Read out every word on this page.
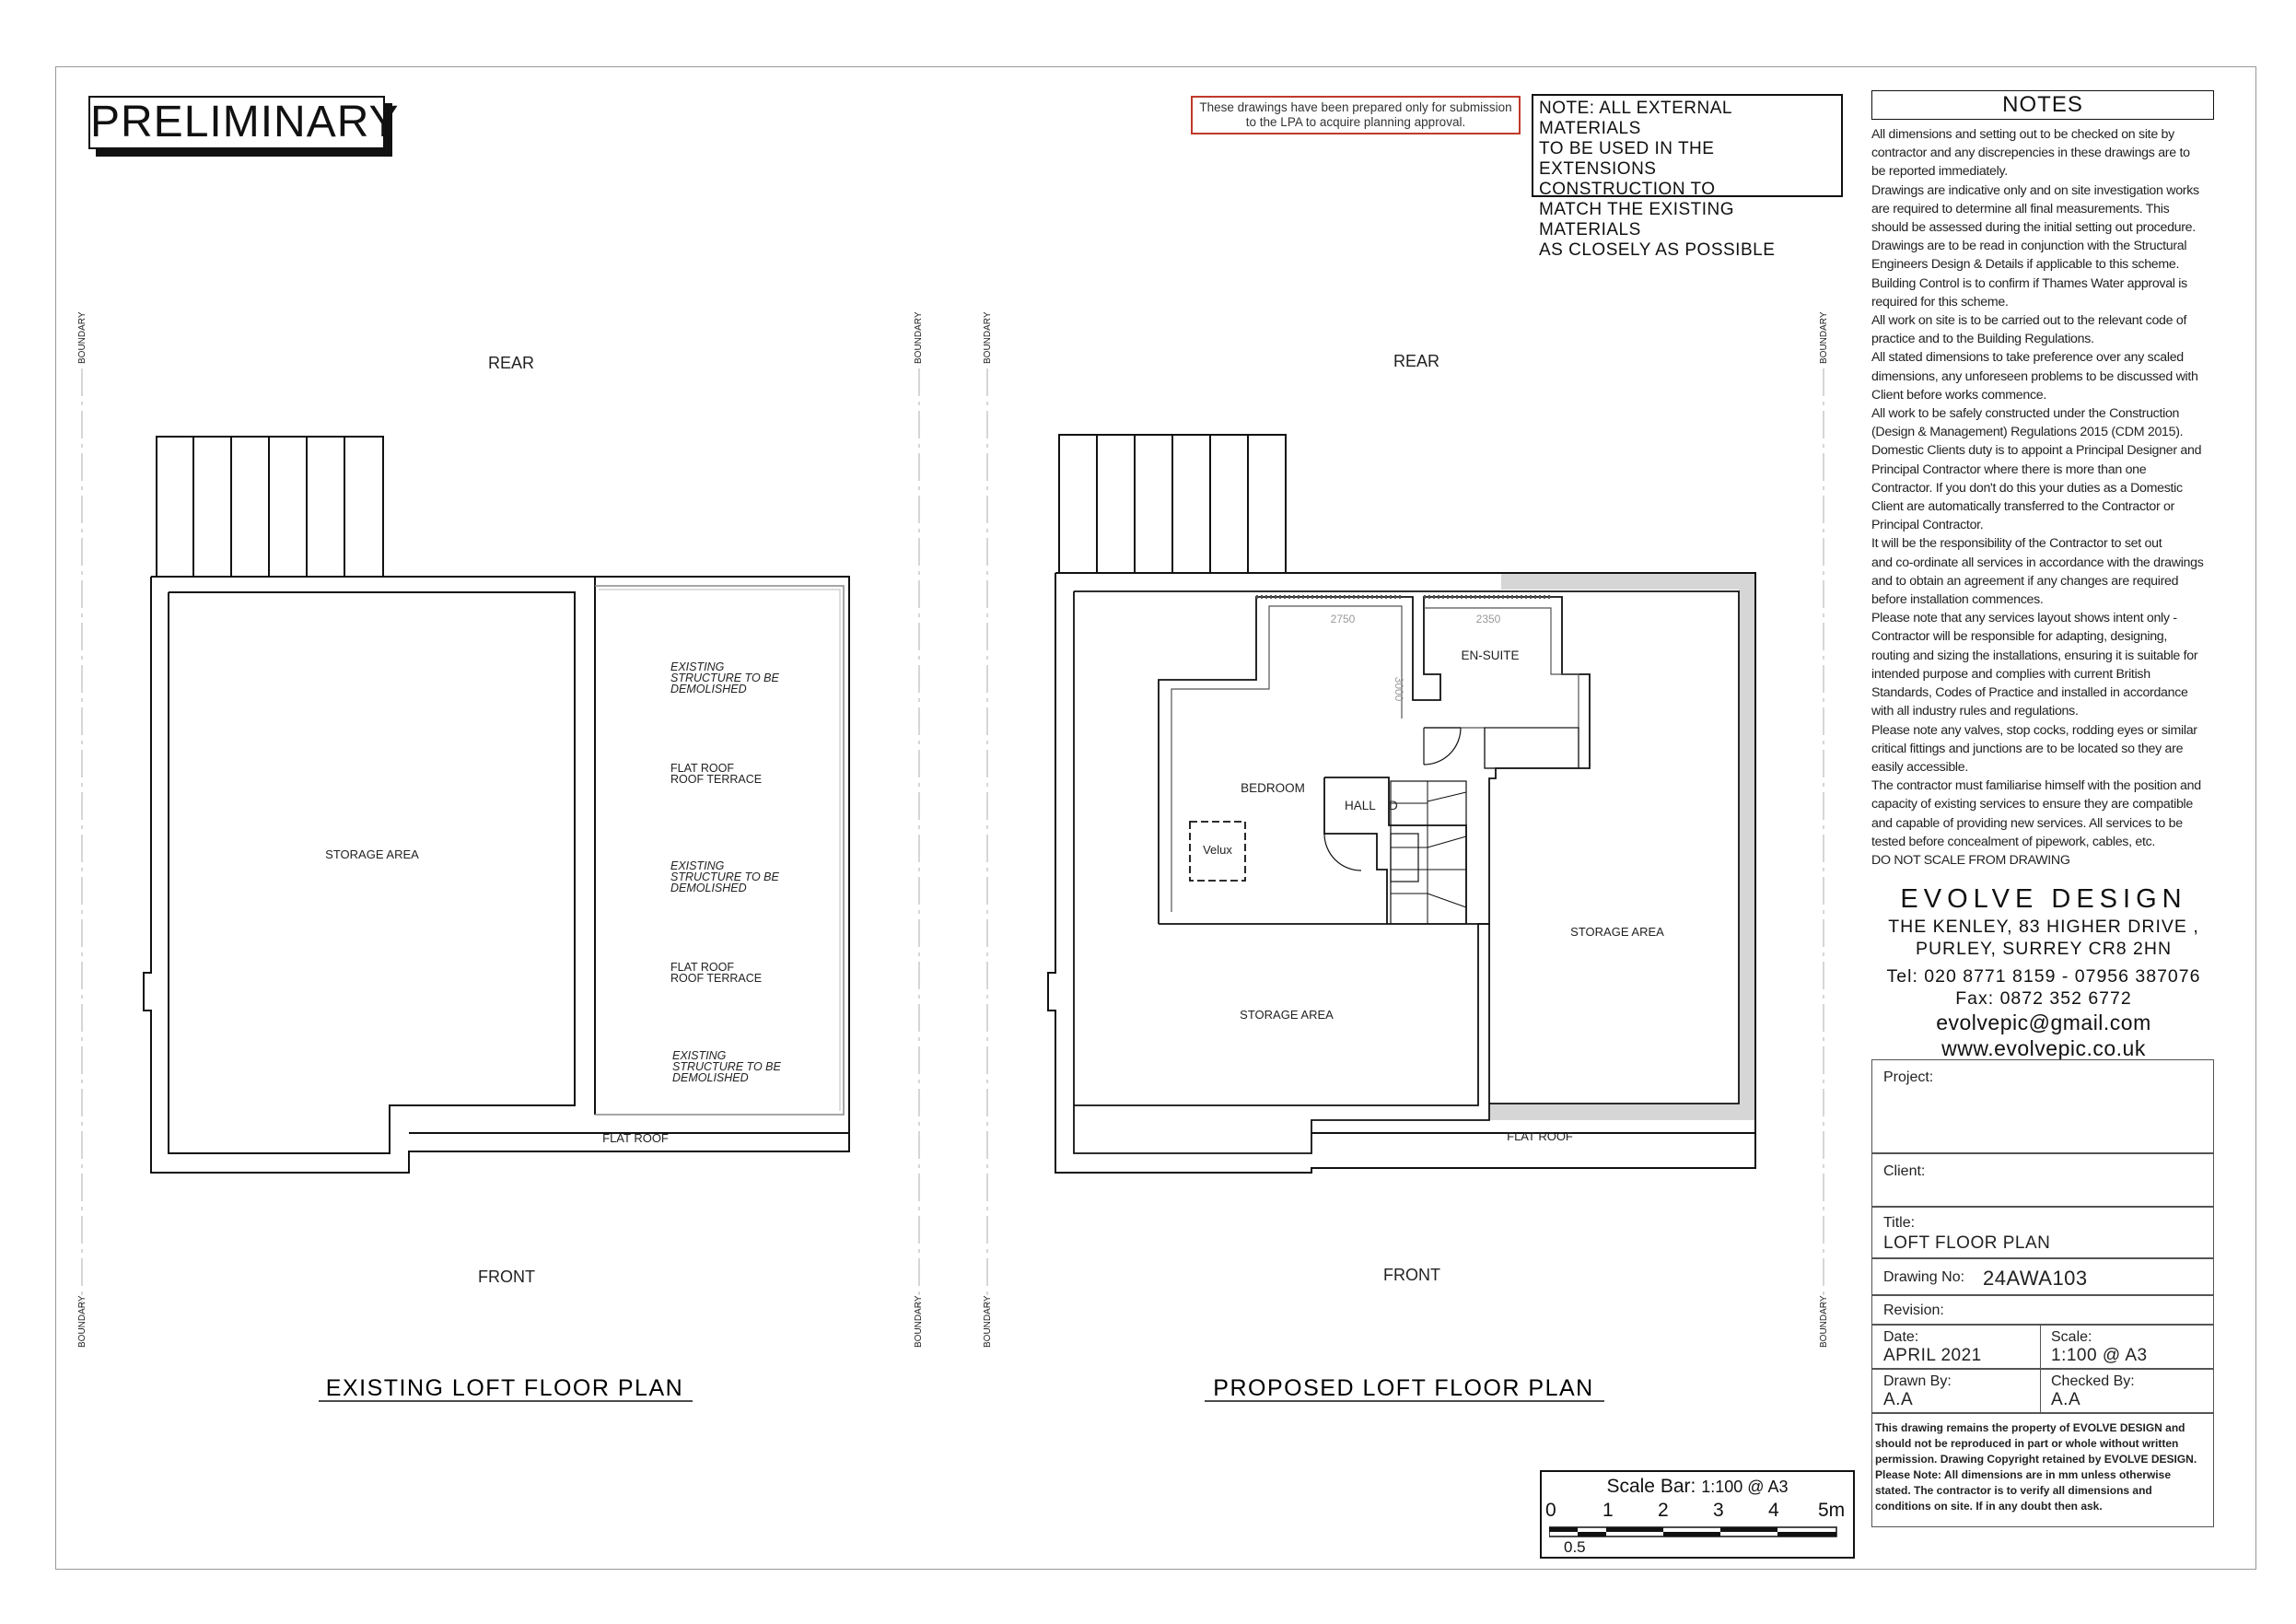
PRELIMINARY	These drawings have been prepared only for submission to the LPA to acquire planning approval.
NOTE: ALL EXTERNAL MATERIALS
TO BE USED IN THE EXTENSIONS
CONSTRUCTION TO
MATCH THE EXISTING MATERIALS
AS CLOSELY AS POSSIBLE
BOUNDARY
BOUNDARY
BOUNDARY
BOUNDARY
BOUNDARY
BOUNDARY
BOUNDARY
BOUNDARY
REAR
FRONT
STORAGE AREA
FLAT ROOF
EXISTING
STRUCTURE TO BE
DEMOLISHED
EXISTING
STRUCTURE TO BE
DEMOLISHED
EXISTING
STRUCTURE TO BE
DEMOLISHED
FLAT ROOF
ROOF TERRACE
FLAT ROOF
ROOF TERRACE
REAR
FRONT
BEDROOM
EN-SUITE
HALL D
Velux
STORAGE AREA
STORAGE AREA
FLAT ROOF
2750	2350
3000
EXISTING LOFT FLOOR PLAN	PROPOSED LOFT FLOOR PLAN
NOTES
All dimensions and setting out to be checked on site by
contractor and any discrepencies in these drawings are to
be reported immediately.
Drawings are indicative only and on site investigation works
are required to determine all final measurements. This
should be assessed during the initial setting out procedure.
Drawings are to be read in conjunction with the Structural
Engineers Design & Details if applicable to this scheme.
Building Control is to confirm if Thames Water approval is
required for this scheme.
All work on site is to be carried out to the relevant code of
practice and to the Building Regulations.
All stated dimensions to take preference over any scaled
dimensions, any unforeseen problems to be discussed with
Client before works commence.
All work to be safely constructed under the Construction
(Design & Management) Regulations 2015 (CDM 2015).
Domestic Clients duty is to appoint a Principal Designer and
Principal Contractor where there is more than one
Contractor. If you don't do this your duties as a Domestic
Client are automatically transferred to the Contractor or
Principal Contractor.
It will be the responsibility of the Contractor to set out
and co-ordinate all services in accordance with the drawings
and to obtain an agreement if any changes are required
before installation commences.
Please note that any services layout shows intent only -
Contractor will be responsible for adapting, designing,
routing and sizing the installations, ensuring it is suitable for
intended purpose and complies with current British
Standards, Codes of Practice and installed in accordance
with all industry rules and regulations.
Please note any valves, stop cocks, rodding eyes or similar
critical fittings and junctions are to be located so they are
easily accessible.
The contractor must familiarise himself with the position and
capacity of existing services to ensure they are compatible
and capable of providing new services. All services to be
tested before concealment of pipework, cables, etc.
DO NOT SCALE FROM DRAWING
EVOLVE DESIGN
THE KENLEY, 83 HIGHER DRIVE ,
PURLEY, SURREY CR8 2HN
Tel: 020 8771 8159 - 07956 387076
Fax: 0872 352 6772
evolvepic@gmail.com
www.evolvepic.co.uk
Project:
Client:
Title:
LOFT FLOOR PLAN
Drawing No: 24AWA103
Revision:
Date:
APRIL 2021
Scale:
1:100 @ A3
Drawn By:
A.A
Checked By:
A.A
This drawing remains the property of EVOLVE DESIGN and
should not be reproduced in part or whole without written
permission. Drawing Copyright retained by EVOLVE DESIGN.
Please Note: All dimensions are in mm unless otherwise
stated. The contractor is to verify all dimensions and
conditions on site. If in any doubt then ask.
Scale Bar: 1:100 @ A3
0 1 2 3 4 5m
0.5
